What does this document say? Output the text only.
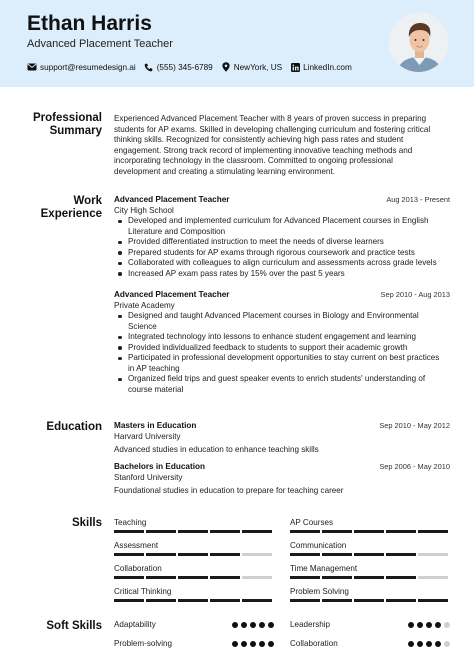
Ethan Harris
Advanced Placement Teacher
support@resumedesign.ai	(555) 345-6789	NewYork, US	LinkedIn.com
Professional
Summary
Experienced Advanced Placement Teacher with 8 years of proven success in preparing
students for AP exams. Skilled in developing challenging curriculum and fostering critical
thinking skills. Recognized for consistently achieving high pass rates and student
engagement. Strong track record of implementing innovative teaching methods and
incorporating technology in the classroom. Committed to ongoing professional
development and creating a stimulating learning environment.
Work
Experience
Advanced Placement Teacher	Aug 2013 - Present
City High School
Developed and implemented curriculum for Advanced Placement courses in English
Literature and Composition
Provided differentiated instruction to meet the needs of diverse learners
Prepared students for AP exams through rigorous coursework and practice tests
Collaborated with colleagues to align curriculum and assessments across grade levels
Increased AP exam pass rates by 15% over the past 5 years
Advanced Placement Teacher	Sep 2010 - Aug 2013
Private Academy
Designed and taught Advanced Placement courses in Biology and Environmental
Science
Integrated technology into lessons to enhance student engagement and learning
Provided individualized feedback to students to support their academic growth
Participated in professional development opportunities to stay current on best practices
in AP teaching
Organized field trips and guest speaker events to enrich students' understanding of
course material
Education Masters in Education	Sep 2010 - May 2012
Harvard University
Advanced studies in education to enhance teaching skills
Bachelors in Education	Sep 2006 - May 2010
Stanford University
Foundational studies in education to prepare for teaching career
Skills Teaching	AP Courses
Assessment	Communication
Collaboration	Time Management
Critical Thinking	Problem Solving
Soft Skills Adaptability	Leadership
Problem-solving	Collaboration
